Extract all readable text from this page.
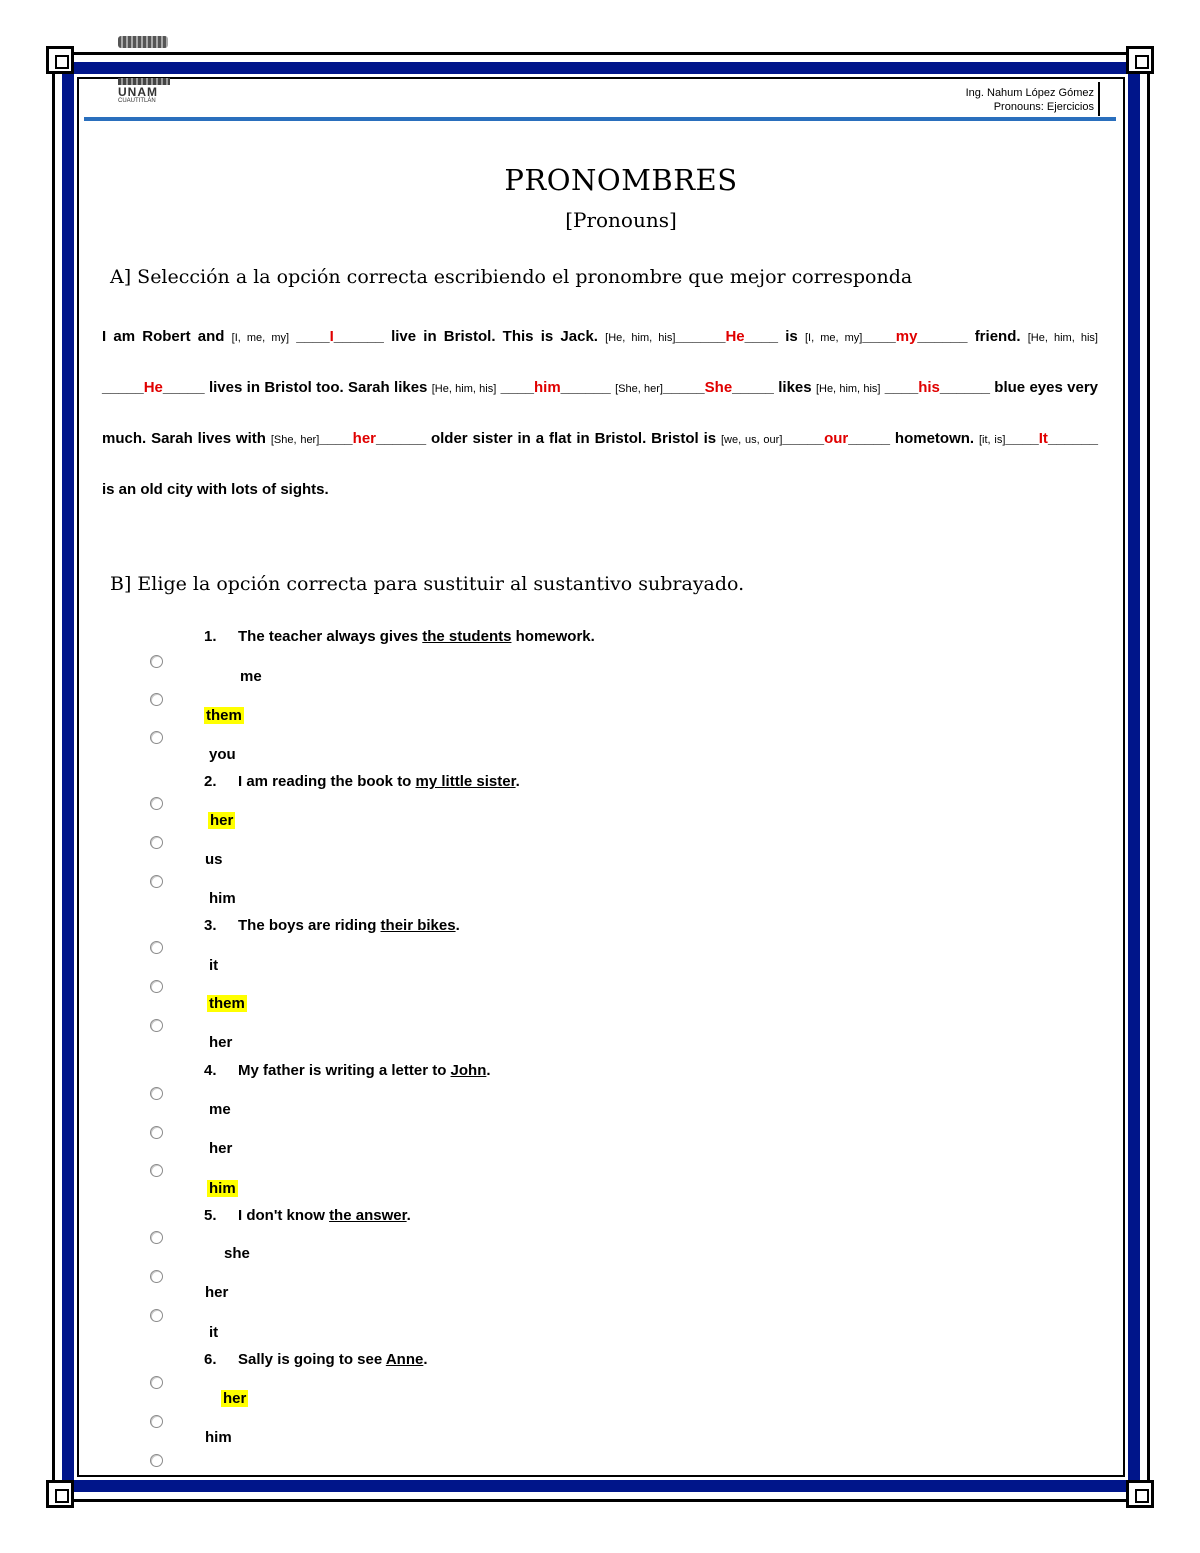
UNAM
CUAUTITLÁN
Ing. Nahum López Gómez
Pronouns: Ejercicios
PRONOMBRES
[Pronouns]
A] Selección a la opción correcta escribiendo el pronombre que mejor corresponda
I am Robert and [I, me, my] ____I______ live in Bristol. This is Jack. [He, him, his]______He____ is [I, me, my]____my______ friend. [He, him, his] _____He_____ lives in Bristol too. Sarah likes [He, him, his] ____him______ [She, her]_____She_____ likes [He, him, his] ____his______ blue eyes very much. Sarah lives with [She, her]____her______ older sister in a flat in Bristol. Bristol is [we, us, our]_____our_____ hometown. [it, is]____It______ is an old city with lots of sights.
B] Elige la opción correcta para sustituir al sustantivo subrayado.
1. The teacher always gives the students homework.
me
them
you
2. I am reading the book to my little sister.
her
us
him
3. The boys are riding their bikes.
it
them
her
4. My father is writing a letter to John.
me
her
him
5. I don't know the answer.
she
her
it
6. Sally is going to see Anne.
her
him
